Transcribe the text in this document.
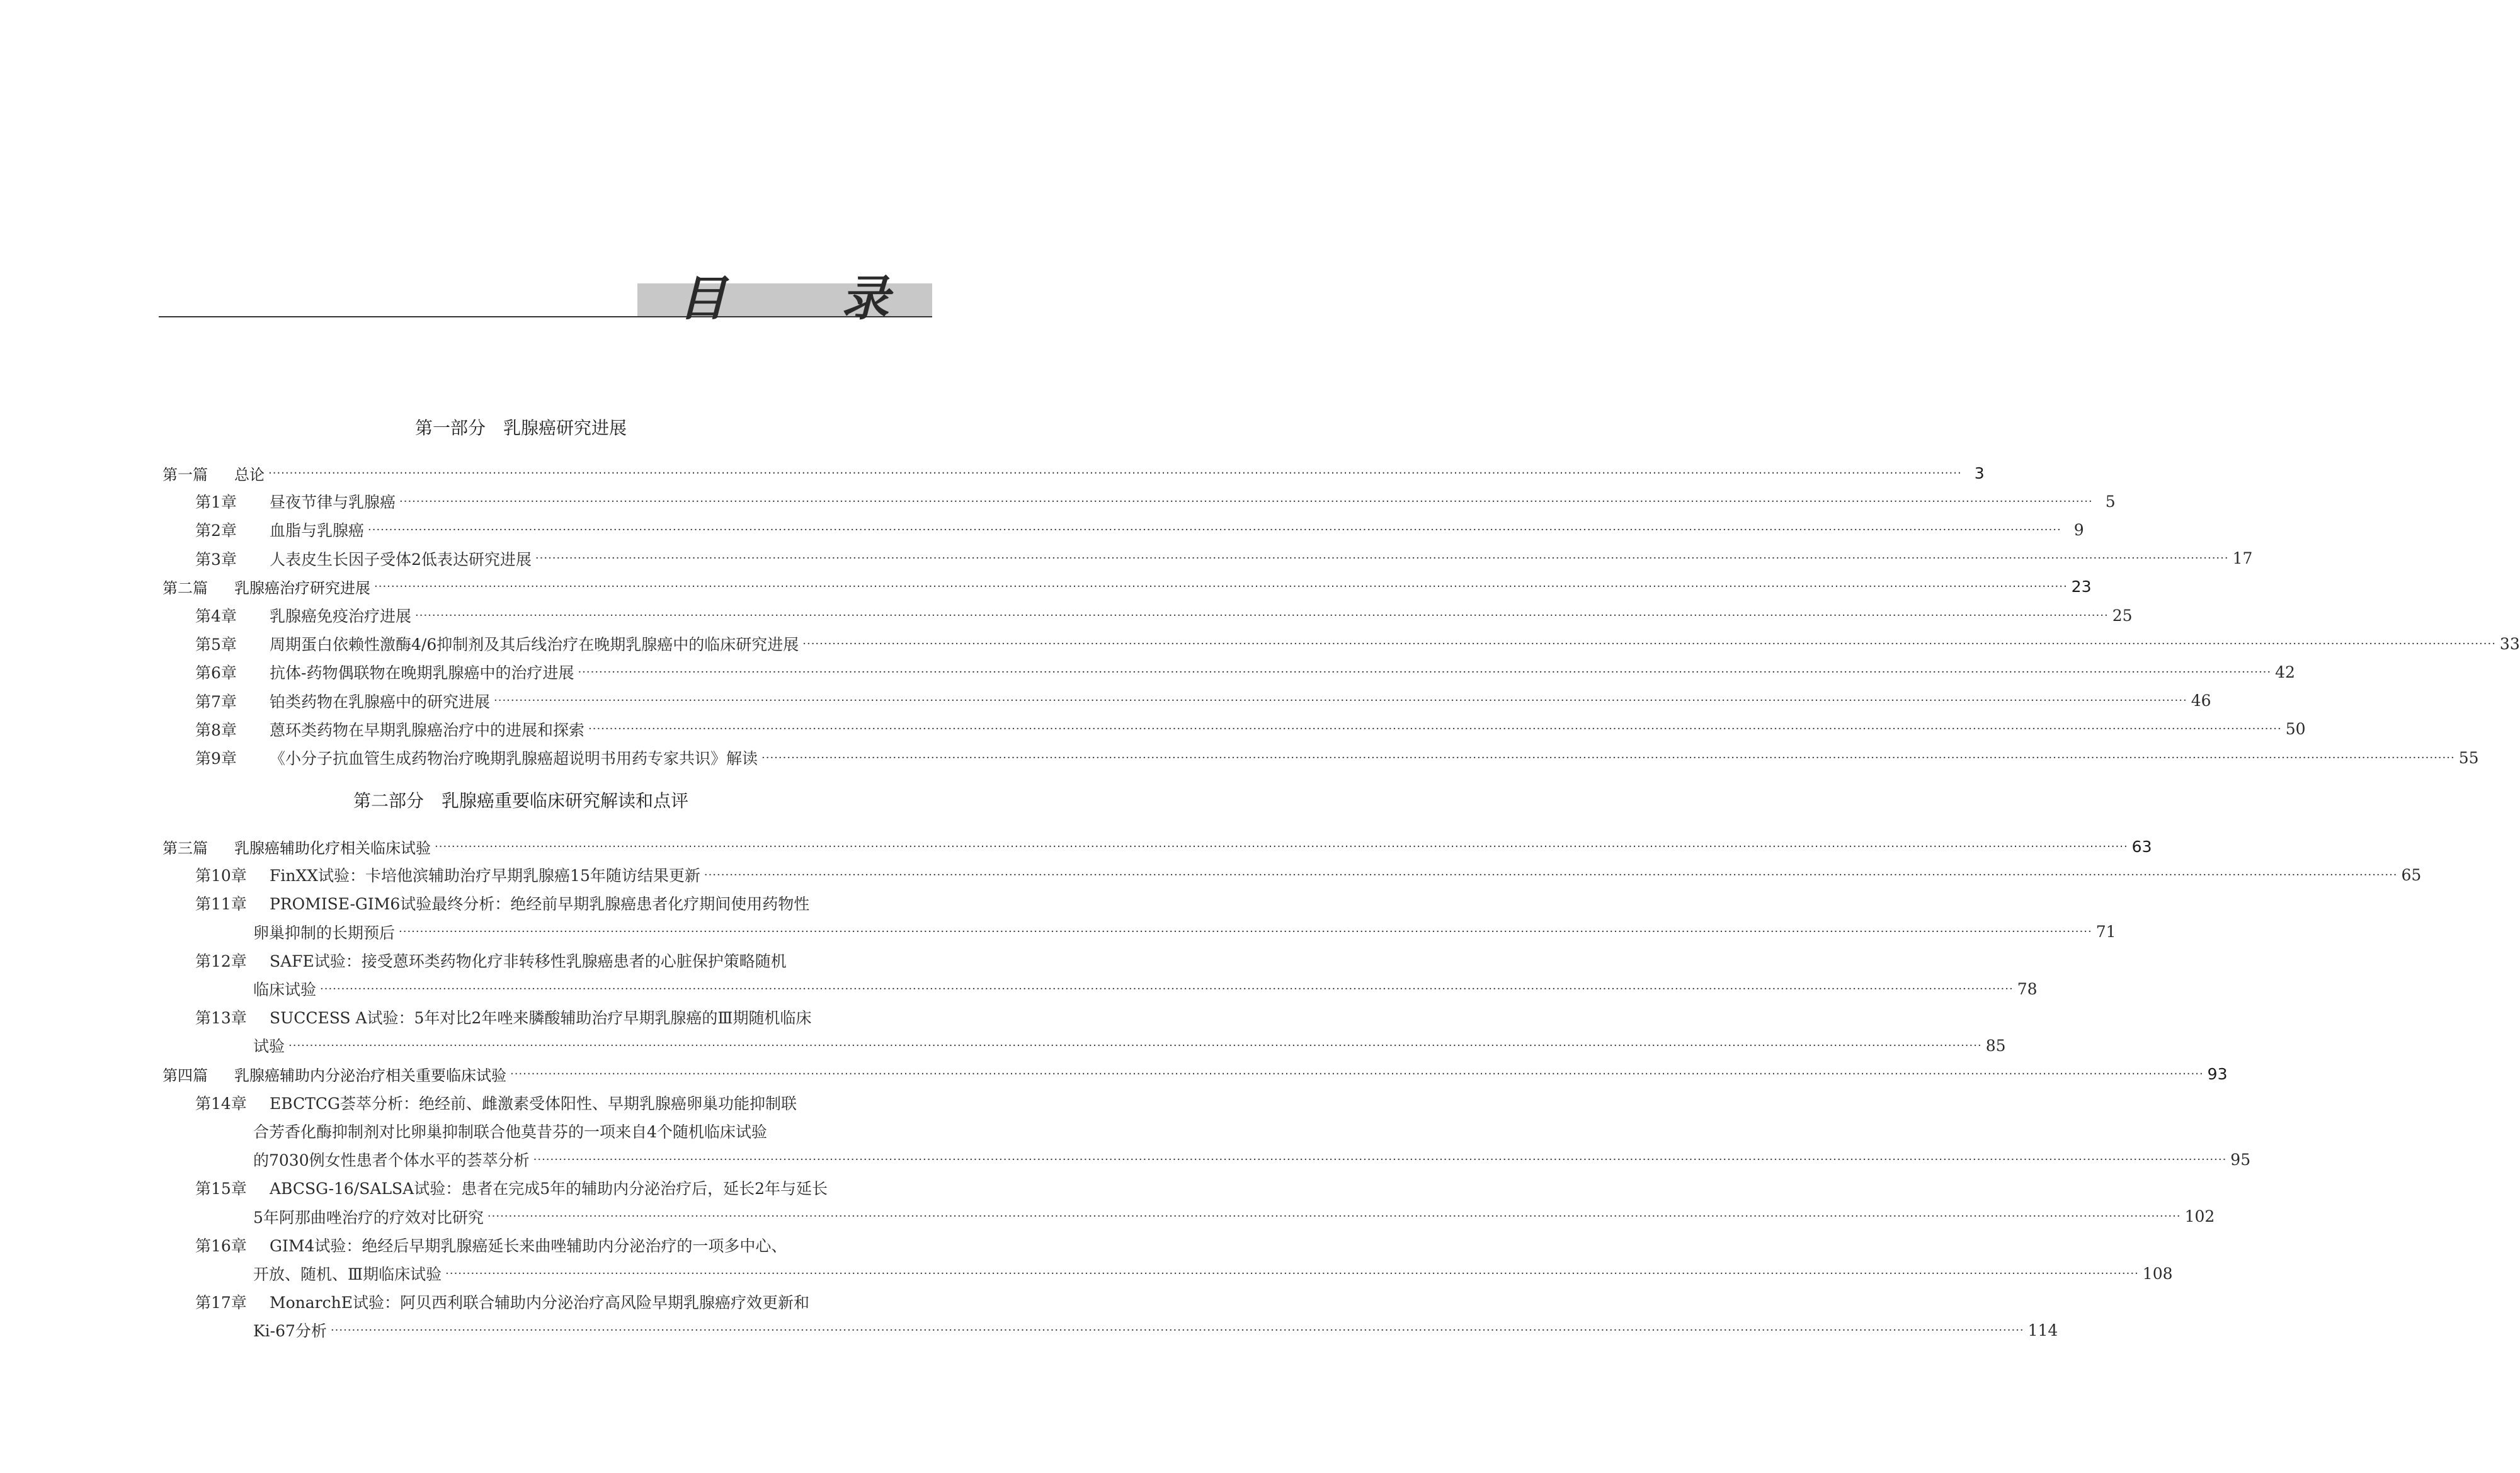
目 录
第一部分　乳腺癌研究进展
第一篇	总论 ················································································································································································································································································································································································································ 3
第1章	昼夜节律与乳腺癌 ················································································································································································································································································································································································································ 5
第2章	血脂与乳腺癌 ················································································································································································································································································································································································································ 9
第3章	人表皮生长因子受体2低表达研究进展 ················································································································································································································································································································································································································ 17
第二篇	乳腺癌治疗研究进展 ················································································································································································································································································································································································································ 23
第4章	乳腺癌免疫治疗进展 ················································································································································································································································································································································································································ 25
第5章	周期蛋白依赖性激酶4/6抑制剂及其后线治疗在晚期乳腺癌中的临床研究进展 ················································································································································································································································································································································································································ 33
第6章	抗体-药物偶联物在晚期乳腺癌中的治疗进展 ················································································································································································································································································································································································································ 42
第7章	铂类药物在乳腺癌中的研究进展 ················································································································································································································································································································································································································ 46
第8章	蒽环类药物在早期乳腺癌治疗中的进展和探索 ················································································································································································································································································································································································································ 50
第9章	《小分子抗血管生成药物治疗晚期乳腺癌超说明书用药专家共识》解读 ················································································································································································································································································································································································································ 55
第二部分　乳腺癌重要临床研究解读和点评
第三篇	乳腺癌辅助化疗相关临床试验 ················································································································································································································································································································································································································ 63
第10章	FinXX试验：卡培他滨辅助治疗早期乳腺癌15年随访结果更新 ················································································································································································································································································································································································································ 65
第11章	PROMISE-GIM6试验最终分析：绝经前早期乳腺癌患者化疗期间使用药物性
卵巢抑制的长期预后 ················································································································································································································································································································································································································ 71
第12章	SAFE试验：接受蒽环类药物化疗非转移性乳腺癌患者的心脏保护策略随机
临床试验 ················································································································································································································································································································································································································ 78
第13章	SUCCESS A试验：5年对比2年唑来膦酸辅助治疗早期乳腺癌的Ⅲ期随机临床
试验 ················································································································································································································································································································································································································ 85
第四篇	乳腺癌辅助内分泌治疗相关重要临床试验 ················································································································································································································································································································································································································ 93
第14章	EBCTCG荟萃分析：绝经前、雌激素受体阳性、早期乳腺癌卵巢功能抑制联
合芳香化酶抑制剂对比卵巢抑制联合他莫昔芬的一项来自4个随机临床试验
的7030例女性患者个体水平的荟萃分析 ················································································································································································································································································································································································································ 95
第15章	ABCSG-16/SALSA试验：患者在完成5年的辅助内分泌治疗后，延长2年与延长
5年阿那曲唑治疗的疗效对比研究 ················································································································································································································································································································································································································ 102
第16章	GIM4试验：绝经后早期乳腺癌延长来曲唑辅助内分泌治疗的一项多中心、
开放、随机、Ⅲ期临床试验 ················································································································································································································································································································································································································ 108
第17章	MonarchE试验：阿贝西利联合辅助内分泌治疗高风险早期乳腺癌疗效更新和
Ki-67分析 ················································································································································································································································································································································································································ 114
